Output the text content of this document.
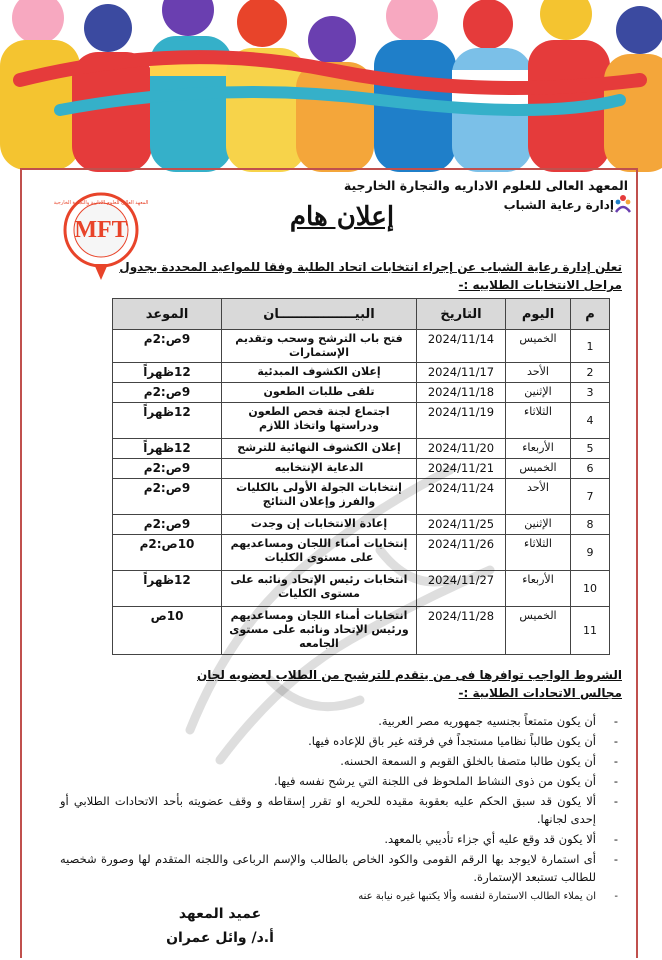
MFT
المعهد العالى للعلوم الادارية والتجارة الخارجية
المعهد العالى للعلوم الاداريه والتجارة الخارجية
إدارة رعاية الشباب
إعلان هام
تعلن إدارة رعاية الشباب عن إجراء انتخابات اتحاد الطلبة وفقا للمواعيد المحددة بجدول
مراحل الانتخابات الطلابيه :-
م	اليوم	التاريخ	البيـــــــــــــــــان	الموعد
1	الخميس	2024/11/14	فتح باب الترشح وسحب وتقديم الإستمارات	9ص:2م
2	الأحد	2024/11/17	إعلان الكشوف المبدئية	12ظهراً
3	الإثنين	2024/11/18	تلقى طلبات الطعون	9ص:2م
4	الثلاثاء	2024/11/19	اجتماع لجنة فحص الطعون ودراستها واتخاذ اللازم	12ظهراً
5	الأربعاء	2024/11/20	إعلان الكشوف النهائية للترشح	12ظهراً
6	الخميس	2024/11/21	الدعاية الإنتخابيه	9ص:2م
7	الأحد	2024/11/24	إنتخابات الجولة الأولى بالكليات والفرز وإعلان النتائج	9ص:2م
8	الإثنين	2024/11/25	إعادة الانتخابات إن وجدت	9ص:2م
9	الثلاثاء	2024/11/26	إنتخابات أمناء اللجان ومساعديهم على مستوى الكليات	10ص:2م
10	الأربعاء	2024/11/27	انتخابات رئيس الإتحاد ونائبه على مستوى الكليات	12ظهراً
11	الخميس	2024/11/28	انتخابات أمناء اللجان ومساعديهم ورئيس الإتحاد ونائبه على مستوى الجامعه	10ص
الشروط الواجب توافرها فى من يتقدم للترشيح من الطلاب لعضويه لجان مجالس الاتحادات الطلابية :-
- أن يكون متمتعاً بجنسيه جمهوريه مصر العربية.
- أن يكون طالباً نظاميا مستجداً في فرقته غير باق للإعاده فيها.
- أن يكون طالبا متصفا بالخلق القويم و السمعة الحسنه.
- أن يكون من ذوى النشاط الملحوظ فى اللجنة التي يرشح نفسه فيها.
- ألا يكون قد سبق الحكم عليه بعقوبة مقيده للحريه او تقرر إسقاطه و وقف عضويته بأحد الاتحادات الطلابي أو إحدى لجانها.
- ألا يكون قد وقع عليه أي جزاء تأديبي بالمعهد.
- أى استمارة لايوجد بها الرقم القومى والكود الخاص بالطالب والإسم الرباعى واللجنه المتقدم لها وصورة شخصيه للطالب تستبعد الإستمارة.
- ان يملاء الطالب الاستمارة لنفسه وألا يكتبها غيره نيابة عنه
عميد المعهد
أ.د/ وائل عمران
